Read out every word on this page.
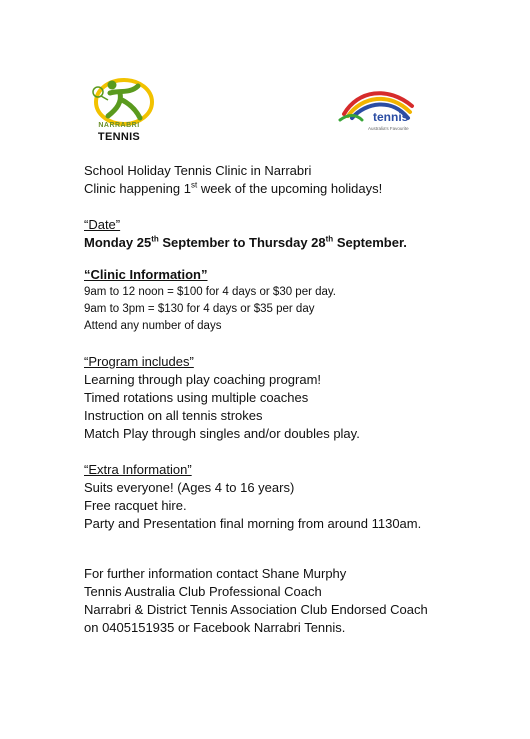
NARRABRI
TENNIS
tennis
Australia's Favourite
School Holiday Tennis Clinic in Narrabri
Clinic happening 1st week of the upcoming holidays!
“Date”
Monday 25th September to Thursday 28th September.
“Clinic Information”
9am to 12 noon = $100 for 4 days or $30 per day.
9am to 3pm = $130 for 4 days or $35 per day
Attend any number of days
“Program includes”
Learning through play coaching program!
Timed rotations using multiple coaches
Instruction on all tennis strokes
Match Play through singles and/or doubles play.
“Extra Information”
Suits everyone! (Ages 4 to 16 years)
Free racquet hire.
Party and Presentation final morning from around 1130am.
For further information contact Shane Murphy
Tennis Australia Club Professional Coach
Narrabri & District Tennis Association Club Endorsed Coach
on 0405151935 or Facebook Narrabri Tennis.
